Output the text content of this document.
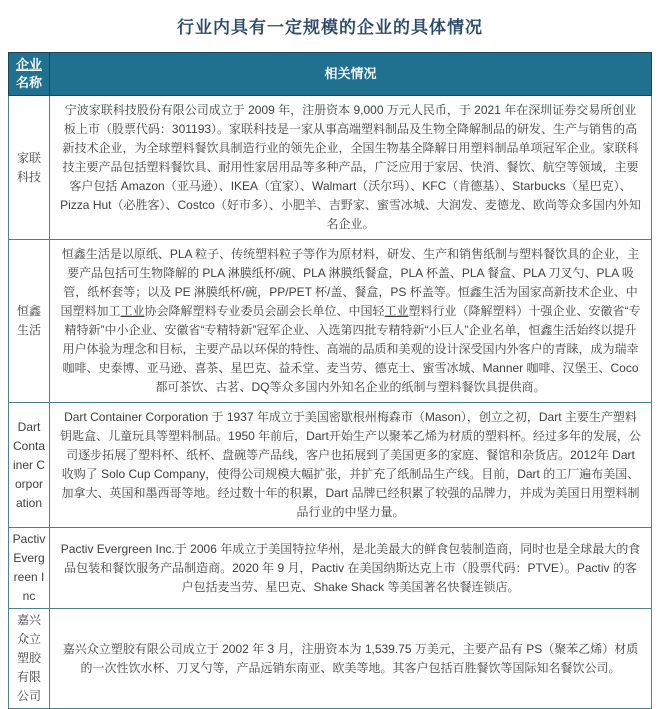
行业内具有一定规模的企业的具体情况
企业
名称	相关情况
家联科技	宁波家联科技股份有限公司成立于 2009 年，注册资本 9,000 万元人民币，于 2021 年在深圳证券交易所创业板上市（股票代码：301193）。家联科技是一家从事高端塑料制品及生物全降解制品的研发、生产与销售的高新技术企业，为全球塑料餐饮具制造行业的领先企业，全国生物基全降解日用塑料制品单项冠军企业。家联科技主要产品包括塑料餐饮具、耐用性家居用品等多种产品，广泛应用于家居、快消、餐饮、航空等领域，主要客户包括 Amazon（亚马逊）、IKEA（宜家）、Walmart（沃尔玛）、KFC（肯德基）、Starbucks（星巴克）、Pizza Hut（必胜客）、Costco（好市多）、小肥羊、吉野家、蜜雪冰城、大润发、麦德龙、欧尚等众多国内外知名企业。
恒鑫生活	恒鑫生活是以原纸、PLA 粒子、传统塑料粒子等作为原材料，研发、生产和销售纸制与塑料餐饮具的企业，主要产品包括可生物降解的 PLA 淋膜纸杯/碗、PLA 淋膜纸餐盒，PLA 杯盖、PLA 餐盒、PLA 刀叉勺、PLA 吸管，纸杯套等；以及 PE 淋膜纸杯/碗，PP/PET 杯/盖、餐盒，PS 杯盖等。恒鑫生活为国家高新技术企业、中国塑料加工工业协会降解塑料专业委员会副会长单位、中国轻工业塑料行业（降解塑料）十强企业、安徽省“专精特新”中小企业、安徽省“专精特新”冠军企业、入选第四批专精特新“小巨人”企业名单，恒鑫生活始终以提升用户体验为理念和目标，主要产品以环保的特性、高端的品质和美观的设计深受国内外客户的青睐，成为瑞幸咖啡、史泰博、亚马逊、喜茶、星巴克、益禾堂、麦当劳、德克士、蜜雪冰城、Manner 咖啡、汉堡王、Coco 都可茶饮、古茗、DQ等众多国内外知名企业的纸制与塑料餐饮具提供商。
Dart Container Corporation	Dart Container Corporation 于 1937 年成立于美国密歇根州梅森市（Mason），创立之初，Dart 主要生产塑料钥匙盒、儿童玩具等塑料制品。1950 年前后，Dart开始生产以聚苯乙烯为材质的塑料杯。经过多年的发展，公司逐步拓展了塑料杯、纸杯、盘碗等产品线，客户也拓展到了美国更多的家庭、餐馆和杂货店。2012年 Dart 收购了 Solo Cup Company，使得公司规模大幅扩张，并扩充了纸制品生产线。目前，Dart 的工厂遍布美国、加拿大、英国和墨西哥等地。经过数十年的积累，Dart 品牌已经积累了较强的品牌力，并成为美国日用塑料制品行业的中坚力量。
Pactiv Evergreen Inc	Pactiv Evergreen Inc.于 2006 年成立于美国特拉华州，是北美最大的鲜食包装制造商，同时也是全球最大的食品包装和餐饮服务产品制造商。2020 年 9 月，Pactiv 在美国纳斯达克上市（股票代码：PTVE）。Pactiv 的客户包括麦当劳、星巴克、Shake Shack 等美国著名快餐连锁店。
嘉兴众立塑胶有限公司	嘉兴众立塑胶有限公司成立于 2002 年 3 月，注册资本为 1,539.75 万美元，主要产品有 PS（聚苯乙烯）材质的一次性饮水杯、刀叉勺等，产品远销东南亚、欧美等地。其客户包括百胜餐饮等国际知名餐饮公司。
